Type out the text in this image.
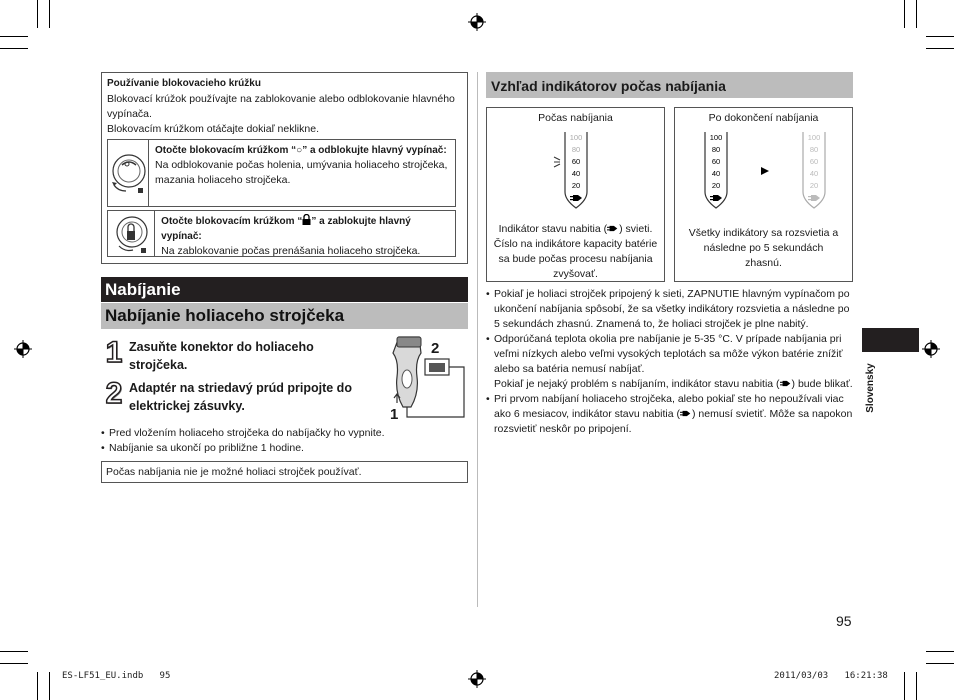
Používanie blokovacieho krúžku
Blokovací krúžok používajte na zablokovanie alebo odblokovanie hlavného vypínača.
Blokovacím krúžkom otáčajte dokiaľ neklikne.
Otočte blokovacím krúžkom “○” a odblokujte hlavný vypínač:
Na odblokovanie počas holenia, umývania holiaceho strojčeka, mazania holiaceho strojčeka.
Otočte blokovacím krúžkom “ ” a zablokujte hlavný vypínač:
Na zablokovanie počas prenášania holiaceho strojčeka.
Nabíjanie
Nabíjanie holiaceho strojčeka
1 Zasuňte konektor do holiaceho strojčeka.
2 Adaptér na striedavý prúd pripojte do elektrickej zásuvky.
2
1
• Pred vložením holiaceho strojčeka do nabíjačky ho vypnite.
• Nabíjanie sa ukončí po približne 1 hodine.
Počas nabíjania nie je možné holiaci strojček používať.
Vzhľad indikátorov počas nabíjania
Počas nabíjania
100
80
60
40
20
Indikátor stavu nabitia ( ) svieti. Číslo na indikátore kapacity batérie sa bude počas procesu nabíjania zvyšovať.
Po dokončení nabíjania
100
80
60
40
20
100
80
60
40
20
Všetky indikátory sa rozsvietia a následne po 5 sekundách zhasnú.
• Pokiaľ je holiaci strojček pripojený k sieti, ZAPNUTIE hlavným vypínačom po ukončení nabíjania spôsobí, že sa všetky indikátory rozsvietia a následne po 5 sekundách zhasnú. Znamená to, že holiaci strojček je plne nabitý.
• Odporúčaná teplota okolia pre nabíjanie je 5-35 °C. V prípade nabíjania pri veľmi nízkych alebo veľmi vysokých teplotách sa môže výkon batérie znížiť alebo sa batéria nemusí nabíjať.
Pokiaľ je nejaký problém s nabíjaním, indikátor stavu nabitia ( ) bude blikať.
• Pri prvom nabíjaní holiaceho strojčeka, alebo pokiaľ ste ho nepoužívali viac ako 6 mesiacov, indikátor stavu nabitia ( ) nemusí svietiť. Môže sa napokon rozsvietiť neskôr po pripojení.
Slovensky
95
ES-LF51_EU.indb   95	2011/03/03   16:21:38
